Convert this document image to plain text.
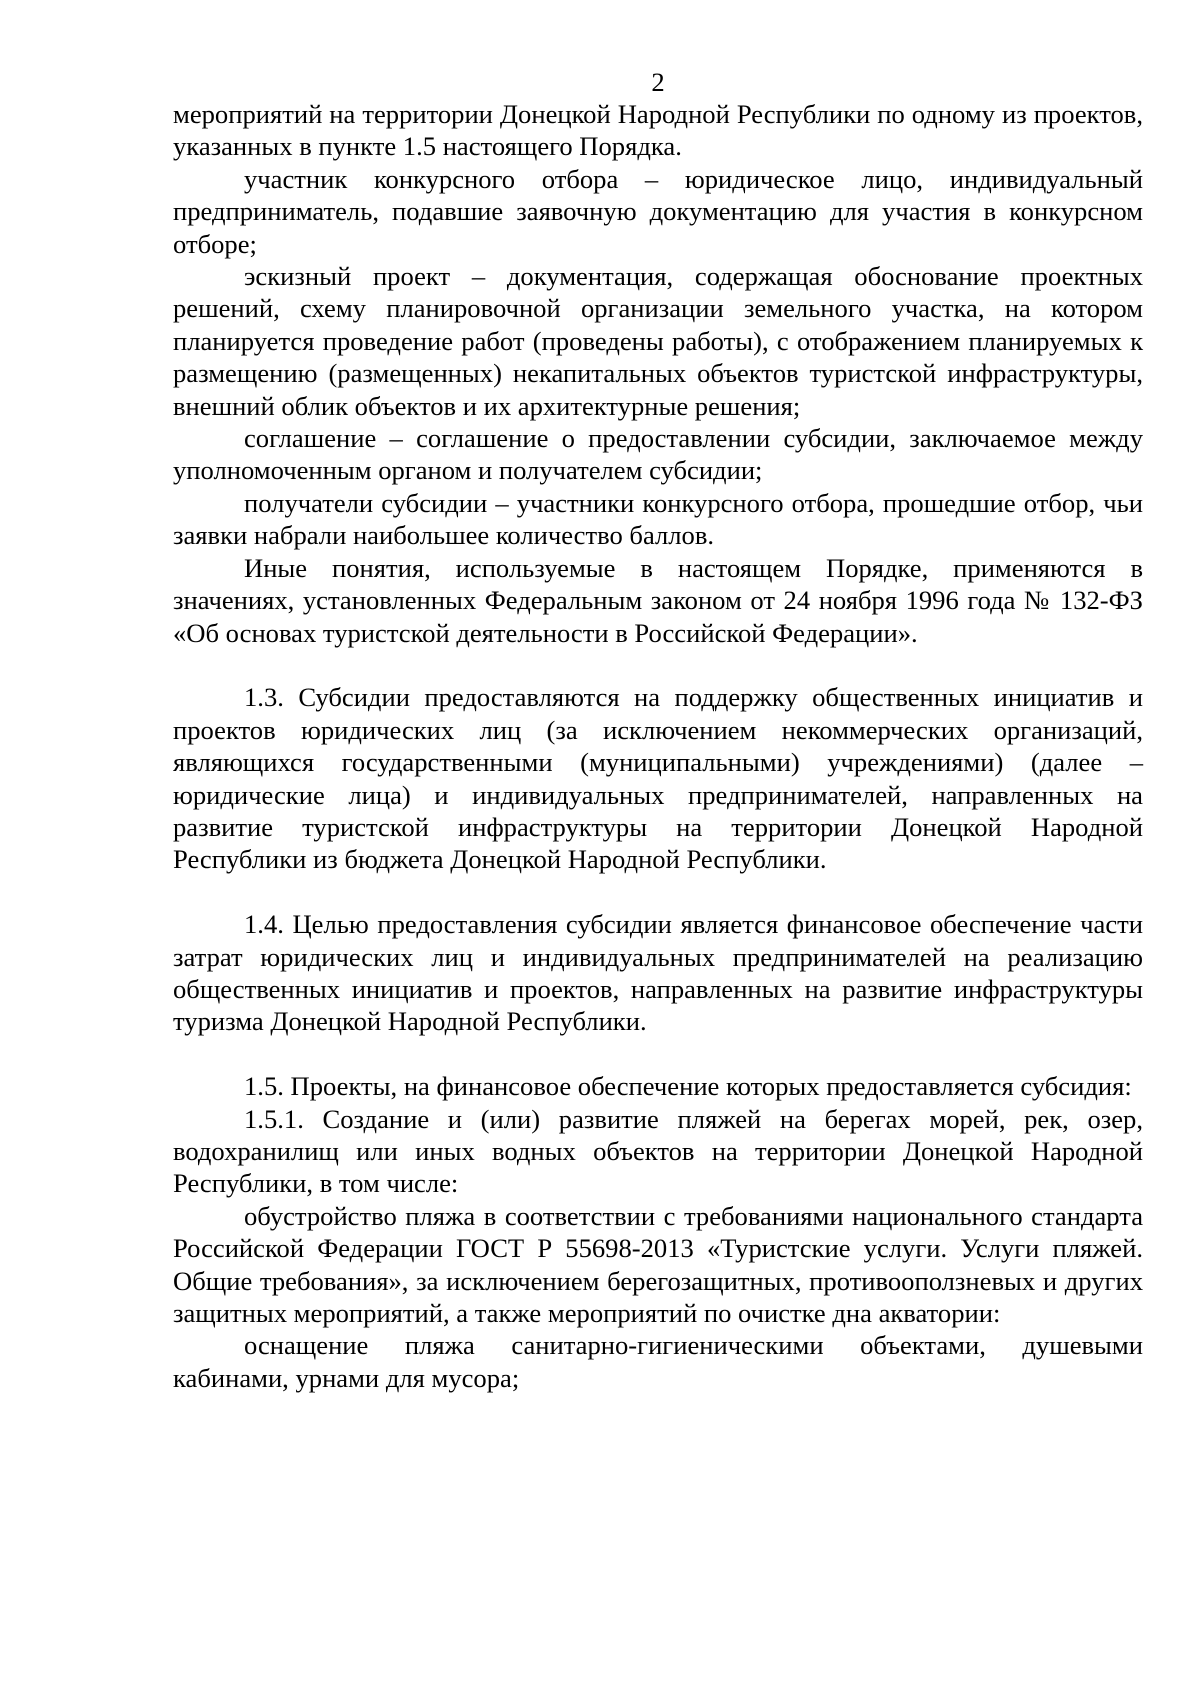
2

мероприятий на территории Донецкой Народной Республики по одному из проектов, указанных в пункте 1.5 настоящего Порядка.

участник конкурсного отбора – юридическое лицо, индивидуальный предприниматель, подавшие заявочную документацию для участия в конкурсном отборе;

эскизный проект – документация, содержащая обоснование проектных решений, схему планировочной организации земельного участка, на котором планируется проведение работ (проведены работы), с отображением планируемых к размещению (размещенных) некапитальных объектов туристской инфраструктуры, внешний облик объектов и их архитектурные решения;

соглашение – соглашение о предоставлении субсидии, заключаемое между уполномоченным органом и получателем субсидии;

получатели субсидии – участники конкурсного отбора, прошедшие отбор, чьи заявки набрали наибольшее количество баллов.

Иные понятия, используемые в настоящем Порядке, применяются в значениях, установленных Федеральным законом от 24 ноября 1996 года № 132-ФЗ «Об основах туристской деятельности в Российской Федерации».

1.3. Субсидии предоставляются на поддержку общественных инициатив и проектов юридических лиц (за исключением некоммерческих организаций, являющихся государственными (муниципальными) учреждениями) (далее – юридические лица) и индивидуальных предпринимателей, направленных на развитие туристской инфраструктуры на территории Донецкой Народной Республики из бюджета Донецкой Народной Республики.

1.4. Целью предоставления субсидии является финансовое обеспечение части затрат юридических лиц и индивидуальных предпринимателей на реализацию общественных инициатив и проектов, направленных на развитие инфраструктуры туризма Донецкой Народной Республики.

1.5. Проекты, на финансовое обеспечение которых предоставляется субсидия:

1.5.1. Создание и (или) развитие пляжей на берегах морей, рек, озер, водохранилищ или иных водных объектов на территории Донецкой Народной Республики, в том числе:

обустройство пляжа в соответствии с требованиями национального стандарта Российской Федерации ГОСТ Р 55698-2013 «Туристские услуги. Услуги пляжей. Общие требования», за исключением берегозащитных, противооползневых и других защитных мероприятий, а также мероприятий по очистке дна акватории:

оснащение пляжа санитарно-гигиеническими объектами, душевыми кабинами, урнами для мусора;
